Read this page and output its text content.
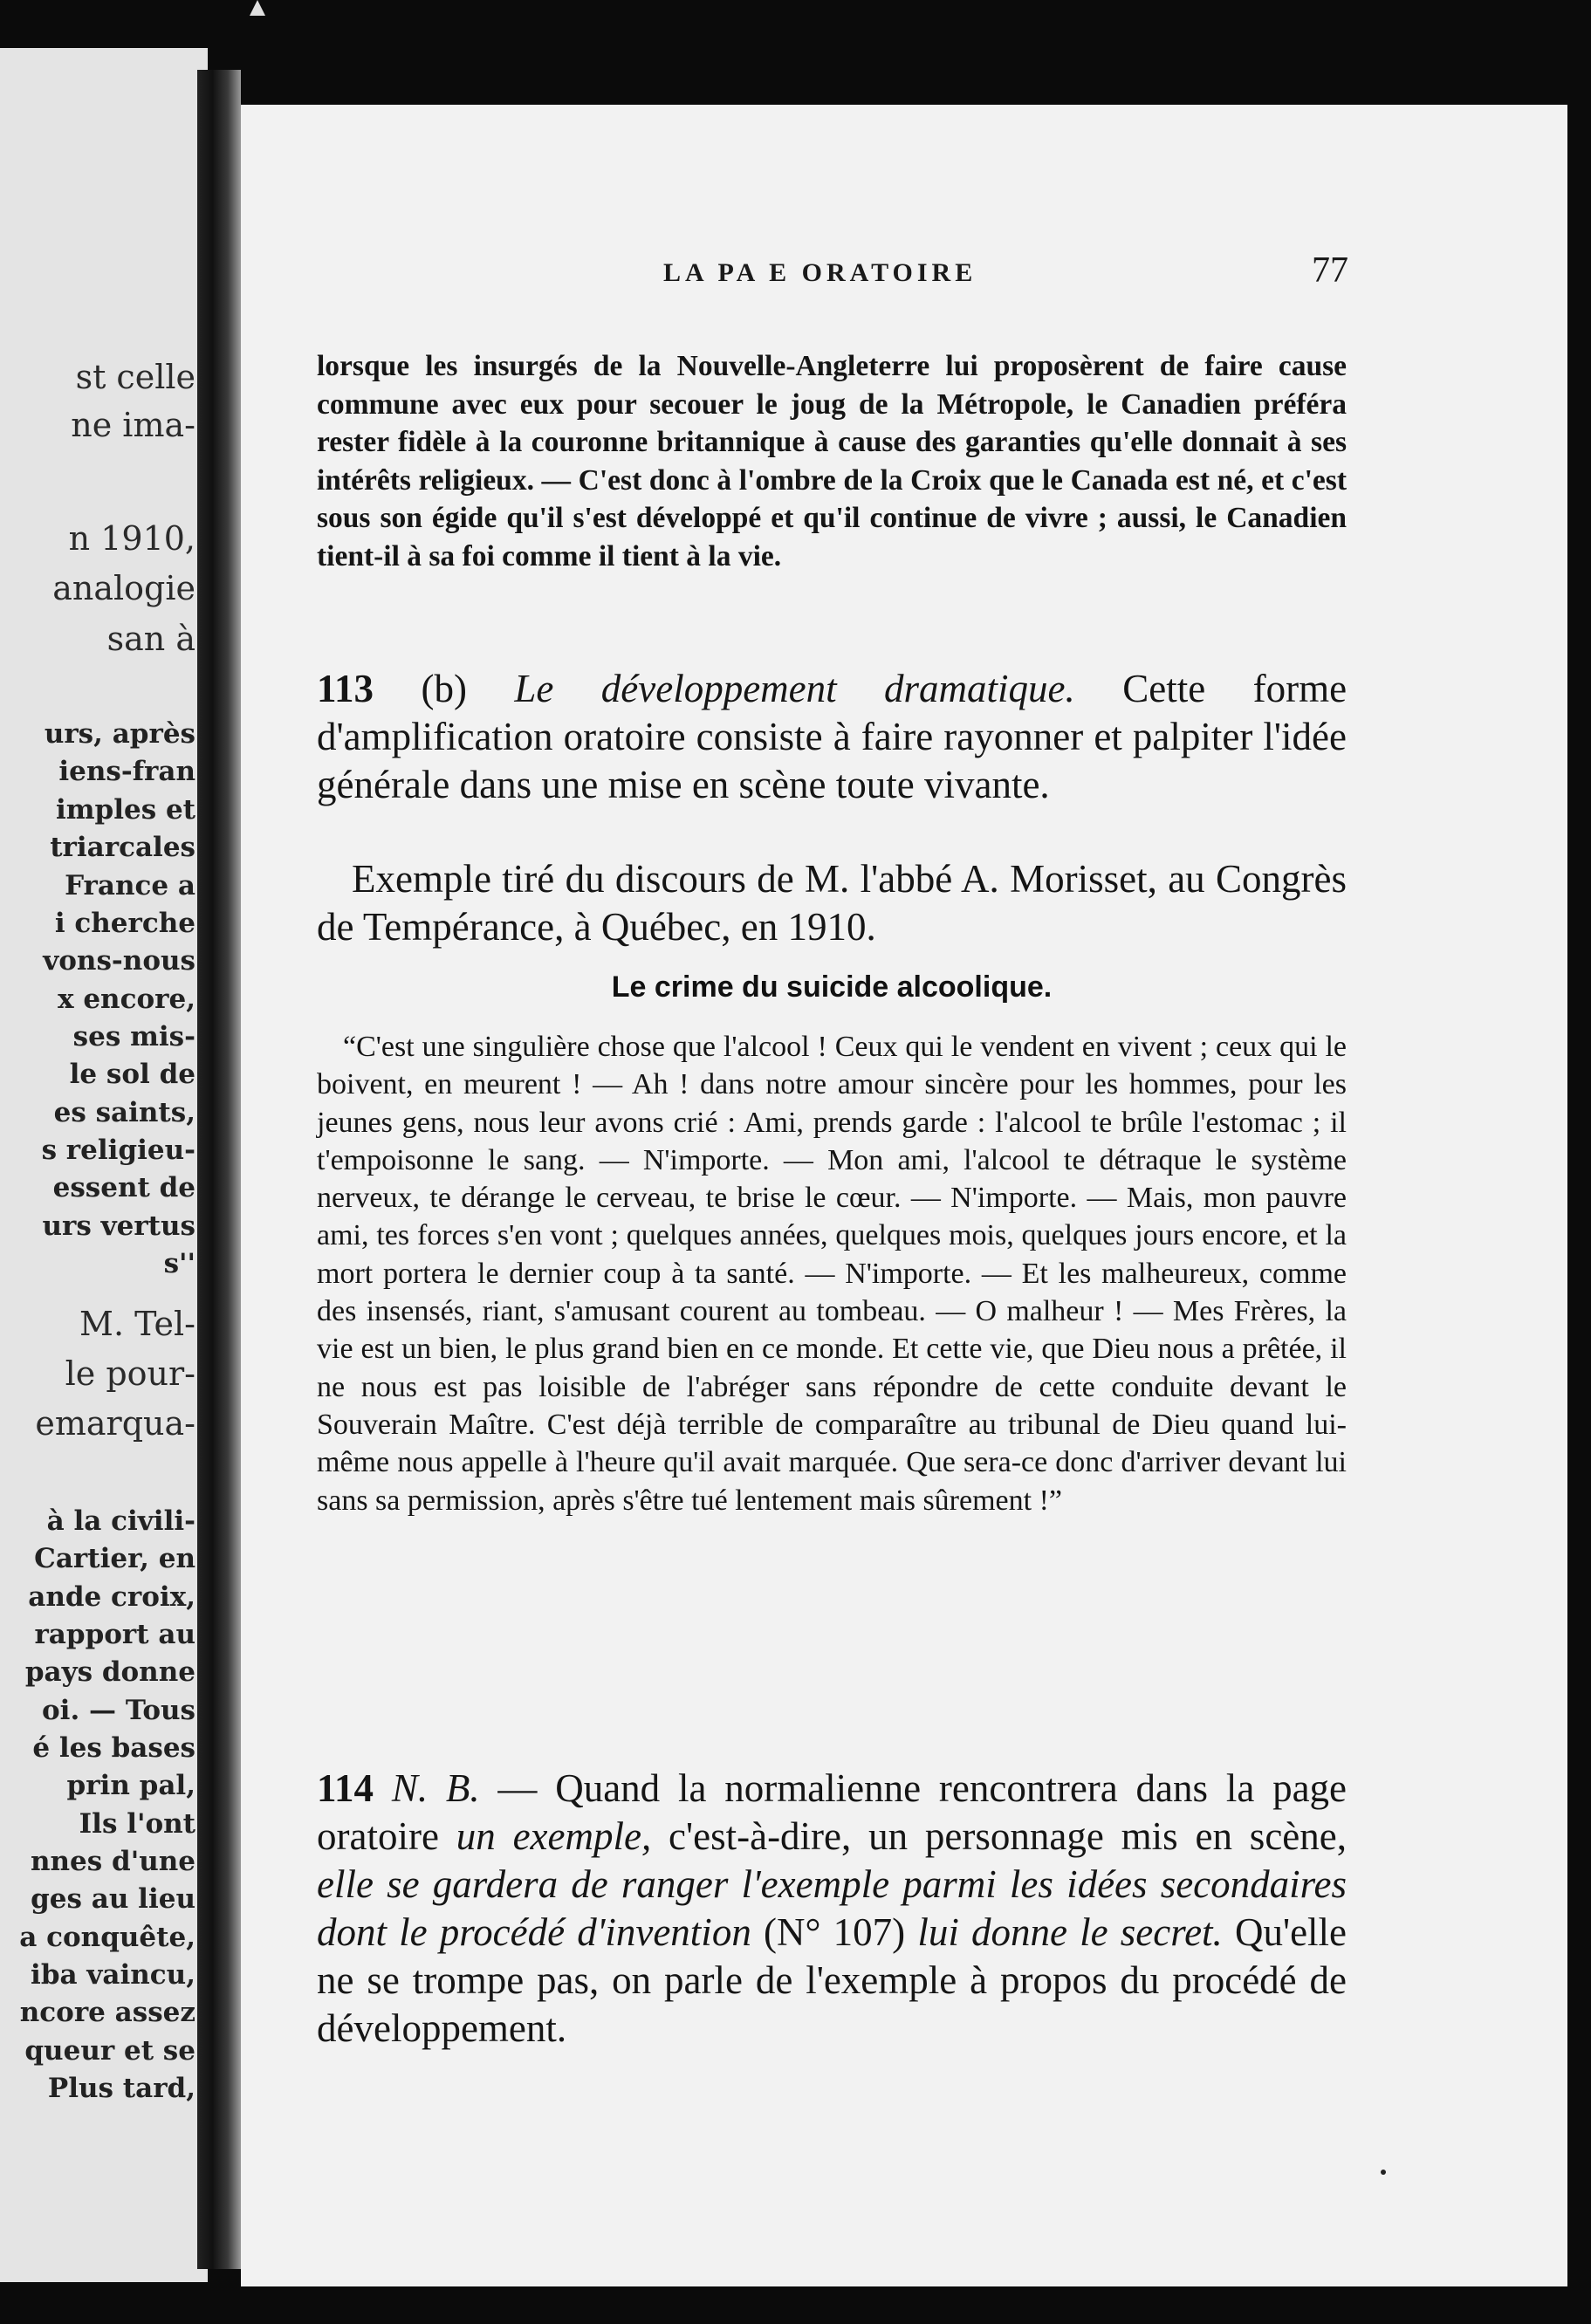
st celle
ne ima-
n 1910,
analogie
san à
urs, après
iens-fran
imples et
triarcales
France a
i cherche
vons-nous
x encore,
ses mis-
le sol de
es saints,
s religieu-
essent de
urs vertus
s''
M. Tel-
le pour-
emarqua-
à la civili-
Cartier, en
ande croix,
rapport au
pays donne
oi. — Tous
é les bases
prin pal,
Ils l'ont
nnes d'une
ges au lieu
a conquête,
iba vaincu,
ncore assez
queur et se
Plus tard,
LA PA E ORATOIRE	77
lorsque les insurgés de la Nouvelle-Angleterre lui proposèrent de faire cause commune avec eux pour secouer le joug de la Métropole, le Canadien préféra rester fidèle à la couronne britannique à cause des garanties qu'elle donnait à ses intérêts religieux. — C'est donc à l'ombre de la Croix que le Canada est né, et c'est sous son égide qu'il s'est développé et qu'il continue de vivre ; aussi, le Canadien tient-il à sa foi comme il tient à la vie.
113 (b) Le développement dramatique. Cette forme d'amplification oratoire consiste à faire rayonner et palpiter l'idée générale dans une mise en scène toute vivante.
Exemple tiré du discours de M. l'abbé A. Morisset, au Congrès de Tempérance, à Québec, en 1910.
Le crime du suicide alcoolique.
“C'est une singulière chose que l'alcool ! Ceux qui le vendent en vivent ; ceux qui le boivent, en meurent ! — Ah ! dans notre amour sincère pour les hommes, pour les jeunes gens, nous leur avons crié : Ami, prends garde : l'alcool te brûle l'estomac ; il t'empoisonne le sang. — N'importe. — Mon ami, l'alcool te détraque le système nerveux, te dérange le cerveau, te brise le cœur. — N'importe. — Mais, mon pauvre ami, tes forces s'en vont ; quelques années, quelques mois, quelques jours encore, et la mort portera le dernier coup à ta santé. — N'importe. — Et les malheureux, comme des insensés, riant, s'amusant courent au tombeau. — O malheur ! — Mes Frères, la vie est un bien, le plus grand bien en ce monde. Et cette vie, que Dieu nous a prêtée, il ne nous est pas loisible de l'abréger sans répondre de cette conduite devant le Souverain Maître. C'est déjà terrible de comparaître au tribunal de Dieu quand lui-même nous appelle à l'heure qu'il avait marquée. Que sera-ce donc d'arriver devant lui sans sa permission, après s'être tué lentement mais sûrement !”
114 N. B. — Quand la normalienne rencontrera dans la page oratoire un exemple, c'est-à-dire, un personnage mis en scène, elle se gardera de ranger l'exemple parmi les idées secondaires dont le procédé d'invention (N° 107) lui donne le secret. Qu'elle ne se trompe pas, on parle de l'exemple à propos du procédé de développement.
